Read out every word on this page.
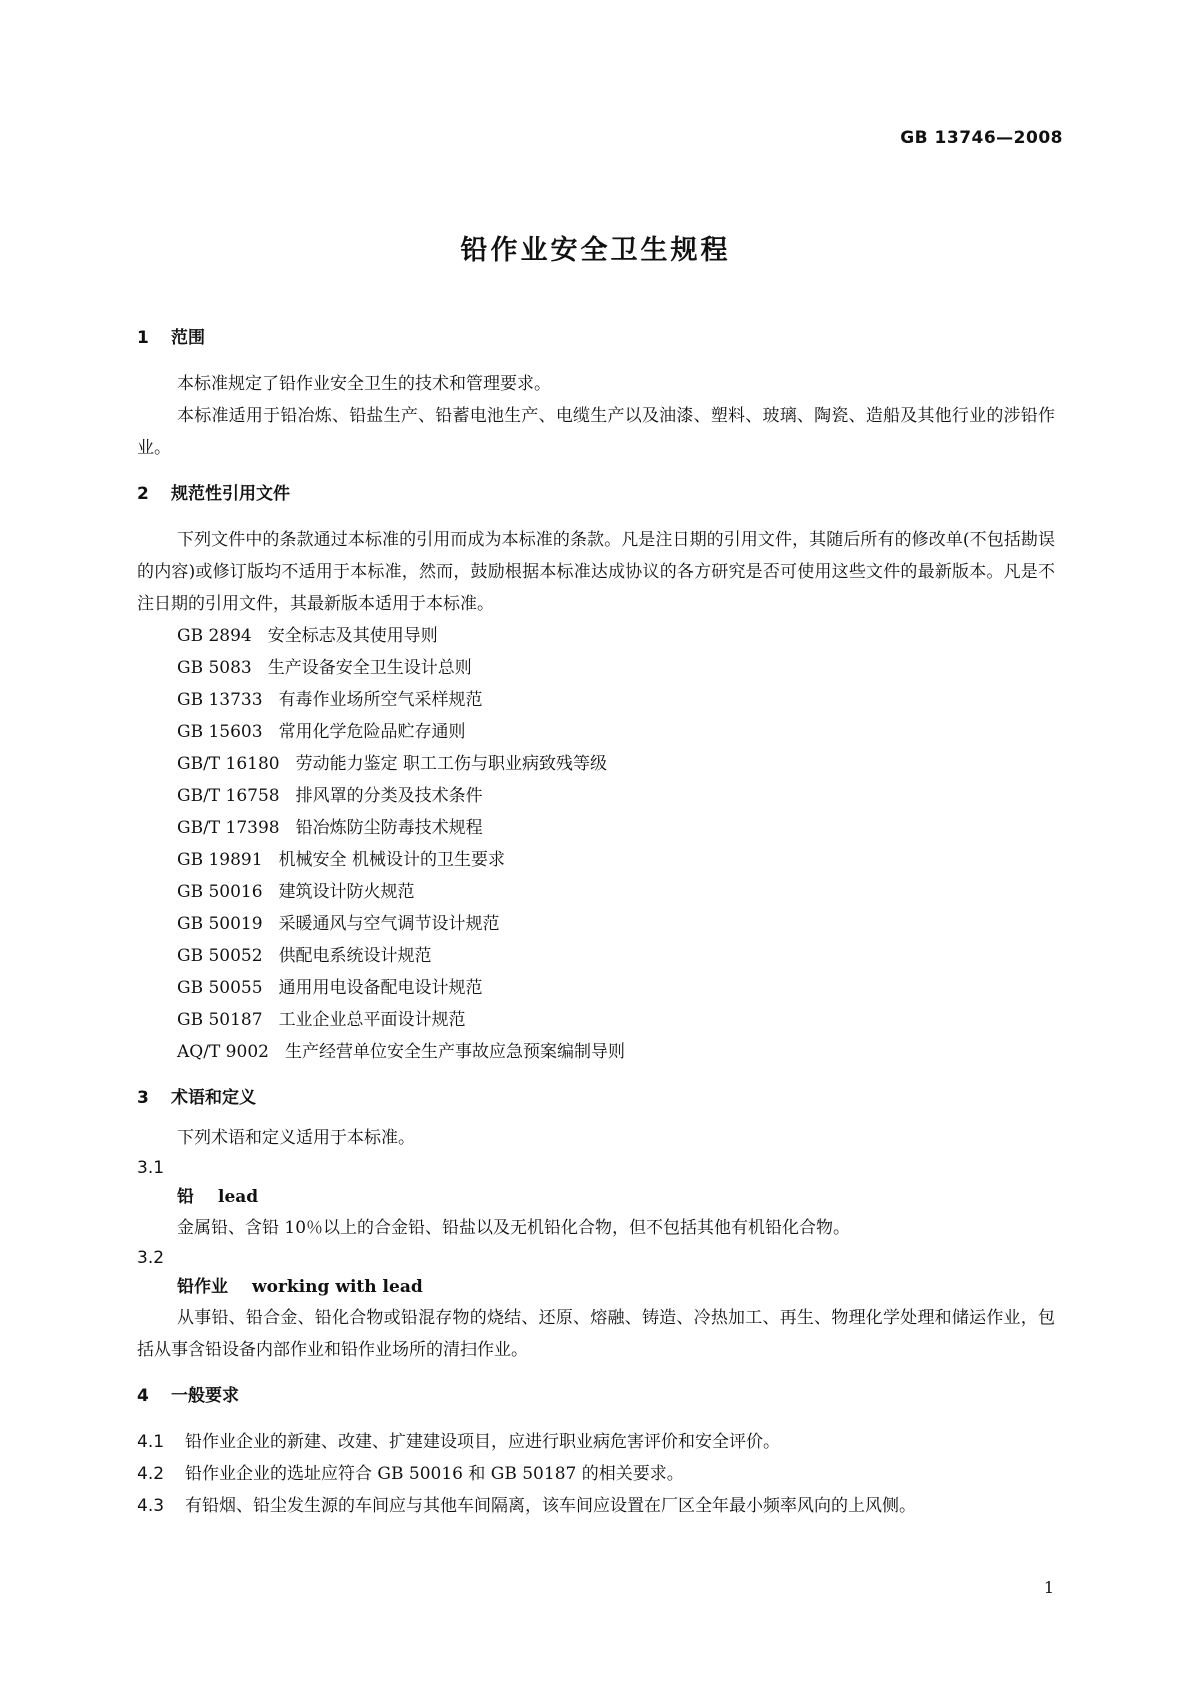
GB 13746—2008
铅作业安全卫生规程
1 范围

本标准规定了铅作业安全卫生的技术和管理要求。

本标准适用于铅冶炼、铅盐生产、铅蓄电池生产、电缆生产以及油漆、塑料、玻璃、陶瓷、造船及其他行业的涉铅作业。

2 规范性引用文件

下列文件中的条款通过本标准的引用而成为本标准的条款。凡是注日期的引用文件，其随后所有的修改单(不包括勘误的内容)或修订版均不适用于本标准，然而，鼓励根据本标准达成协议的各方研究是否可使用这些文件的最新版本。凡是不注日期的引用文件，其最新版本适用于本标准。

GB 2894 安全标志及其使用导则

GB 5083 生产设备安全卫生设计总则

GB 13733 有毒作业场所空气采样规范

GB 15603 常用化学危险品贮存通则

GB/T 16180 劳动能力鉴定 职工工伤与职业病致残等级

GB/T 16758 排风罩的分类及技术条件

GB/T 17398 铅冶炼防尘防毒技术规程

GB 19891 机械安全 机械设计的卫生要求

GB 50016 建筑设计防火规范

GB 50019 采暖通风与空气调节设计规范

GB 50052 供配电系统设计规范

GB 50055 通用用电设备配电设计规范

GB 50187 工业企业总平面设计规范

AQ/T 9002 生产经营单位安全生产事故应急预案编制导则

3 术语和定义

下列术语和定义适用于本标准。

3.1

铅 lead

金属铅、含铅 10％以上的合金铅、铅盐以及无机铅化合物，但不包括其他有机铅化合物。

3.2

铅作业 working with lead

从事铅、铅合金、铅化合物或铅混存物的烧结、还原、熔融、铸造、冷热加工、再生、物理化学处理和储运作业，包括从事含铅设备内部作业和铅作业场所的清扫作业。

4 一般要求

4.1 铅作业企业的新建、改建、扩建建设项目，应进行职业病危害评价和安全评价。

4.2 铅作业企业的选址应符合 GB 50016 和 GB 50187 的相关要求。

4.3 有铅烟、铅尘发生源的车间应与其他车间隔离，该车间应设置在厂区全年最小频率风向的上风侧。

1
